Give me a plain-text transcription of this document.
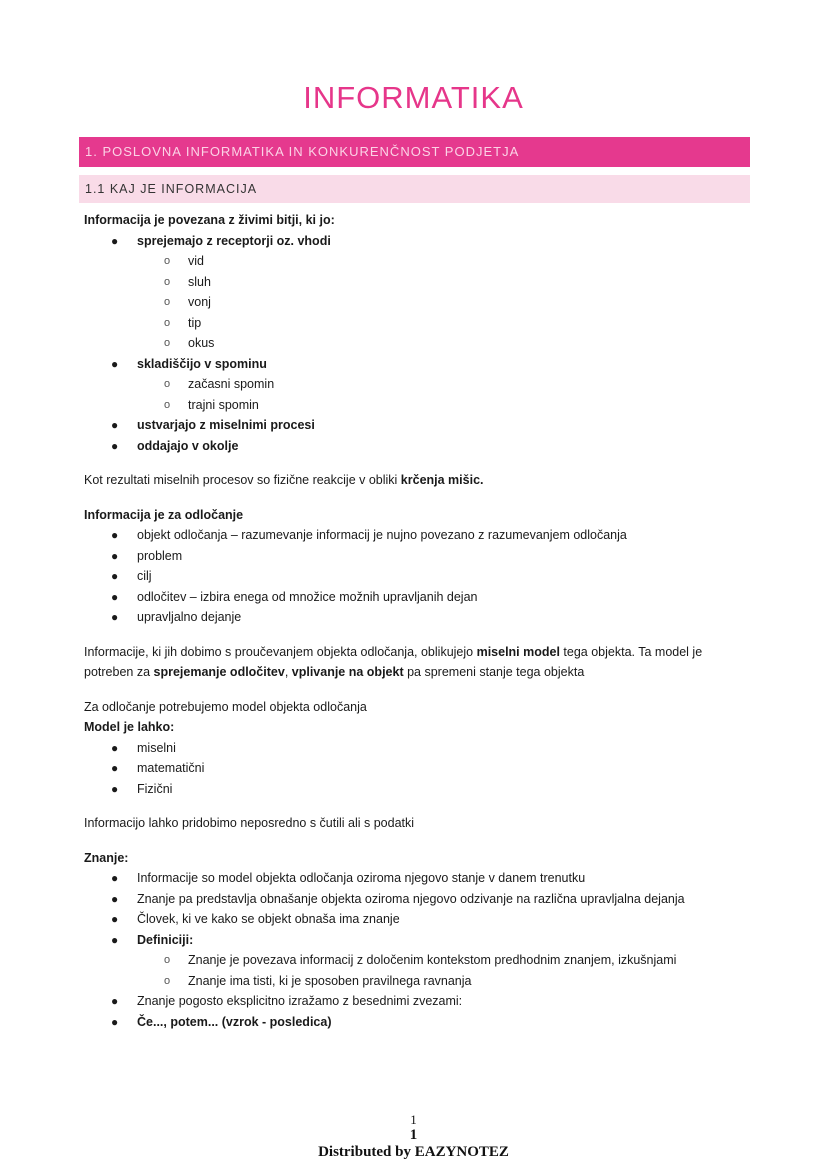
INFORMATIKA
1. POSLOVNA INFORMATIKA IN KONKURENČNOST PODJETJA
1.1 KAJ JE INFORMACIJA

Informacija je povezana z živimi bitji, ki jo:

● sprejemajo z receptorji oz. vhodi
o vid
o sluh
o vonj
o tip
o okus
● skladiščijo v spominu
o začasni spomin
o trajni spomin
● ustvarjajo z miselnimi procesi
● oddajajo v okolje

Kot rezultati miselnih procesov so fizične reakcije v obliki krčenja mišic.

Informacija je za odločanje

● objekt odločanja – razumevanje informacij je nujno povezano z razumevanjem odločanja
● problem
● cilj
● odločitev – izbira enega od množice možnih upravljanih dejan
● upravljalno dejanje

Informacije, ki jih dobimo s proučevanjem objekta odločanja, oblikujejo miselni model tega objekta. Ta model je potreben za sprejemanje odločitev, vplivanje na objekt pa spremeni stanje tega objekta

Za odločanje potrebujemo model objekta odločanja

Model je lahko:

● miselni
● matematični
● Fizični

Informacijo lahko pridobimo neposredno s čutili ali s podatki

Znanje:

● Informacije so model objekta odločanja oziroma njegovo stanje v danem trenutku
● Znanje pa predstavlja obnašanje objekta oziroma njegovo odzivanje na različna upravljalna dejanja
● Človek, ki ve kako se objekt obnaša ima znanje
● Definiciji:
o Znanje je povezava informacij z določenim kontekstom predhodnim znanjem, izkušnjami
o Znanje ima tisti, ki je sposoben pravilnega ravnanja
● Znanje pogosto eksplicitno izražamo z besednimi zvezami:
● Če..., potem... (vzrok - posledica)
1
1
Distributed by EAZYNOTEZ
